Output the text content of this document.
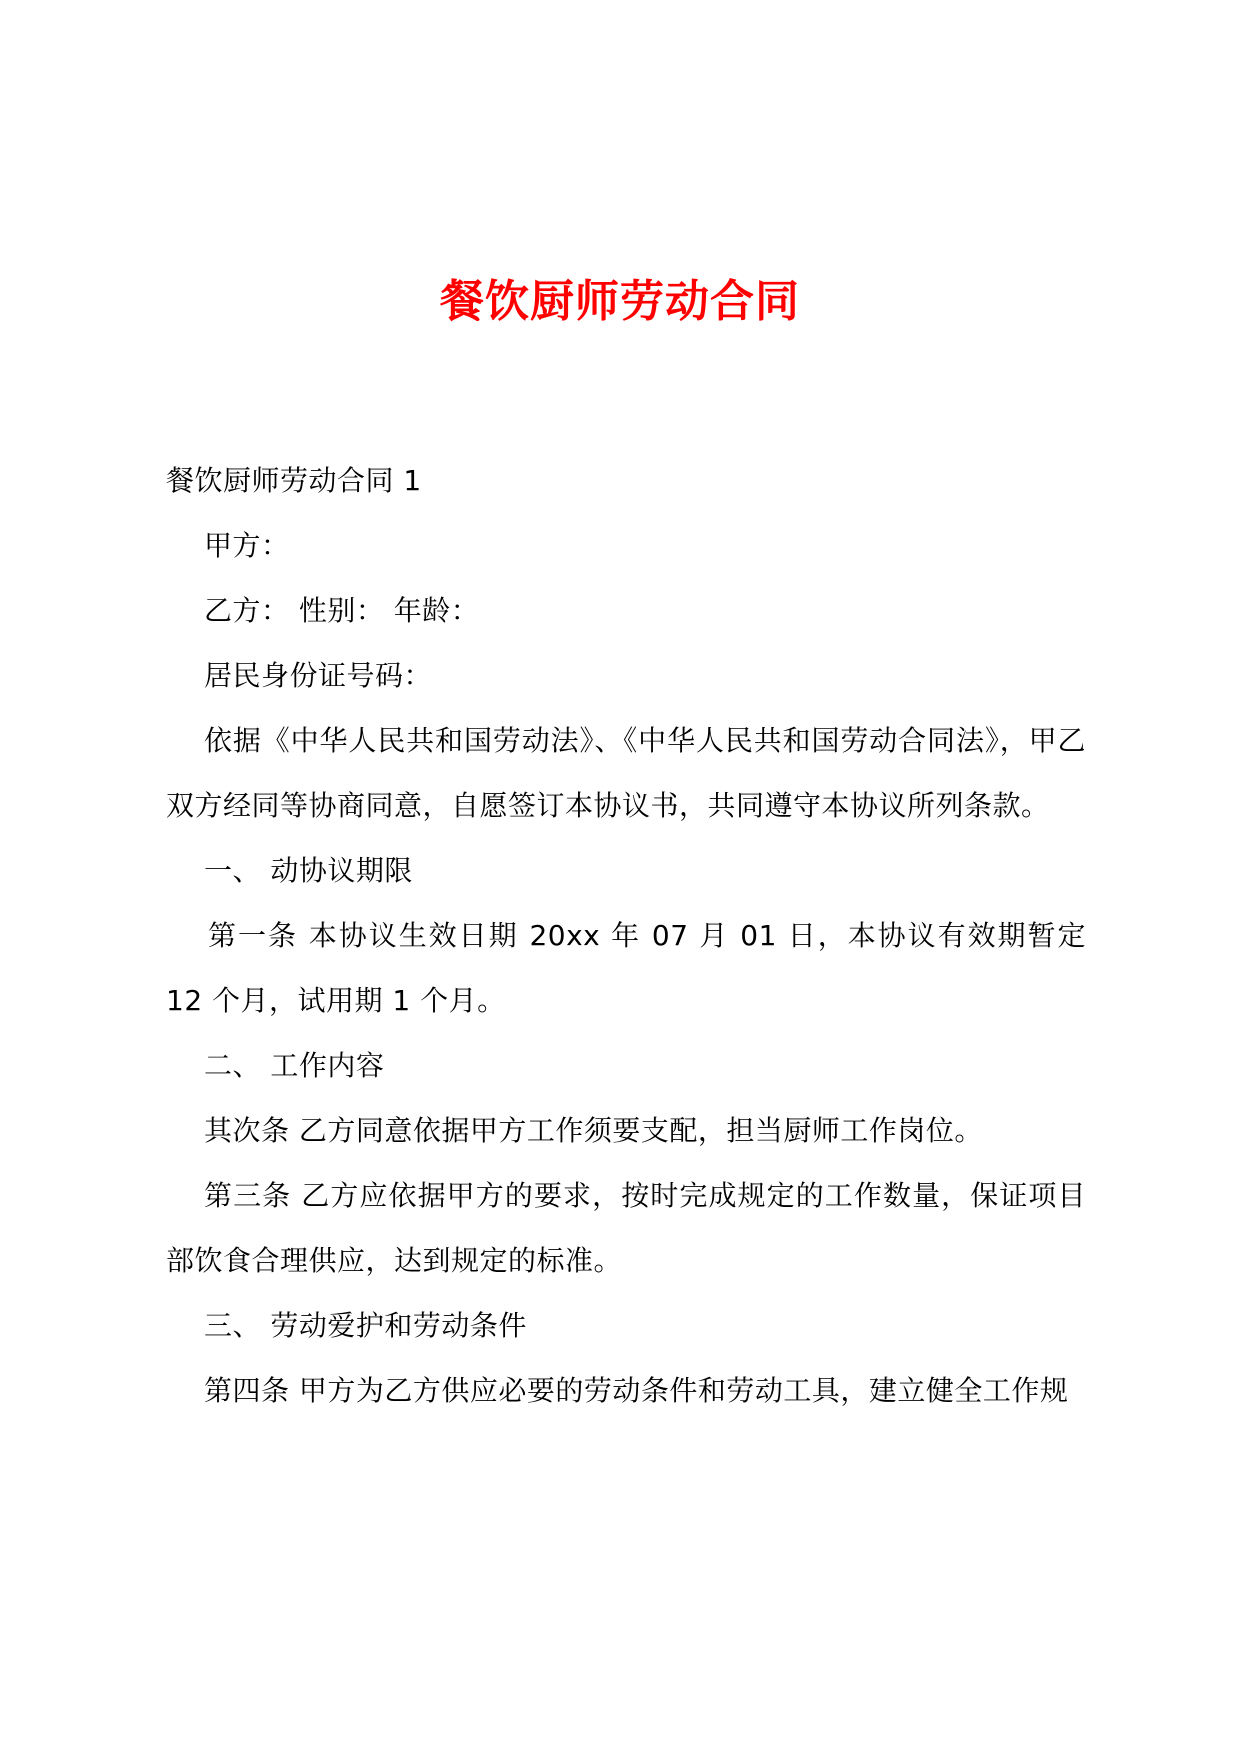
餐饮厨师劳动合同

餐饮厨师劳动合同 1

甲方：

乙方： 性别： 年龄：

居民身份证号码：

依据《中华人民共和国劳动法》、《中华人民共和国劳动合同法》，甲乙双方经同等协商同意，自愿签订本协议书，共同遵守本协议所列条款。

一、 动协议期限

第一条 本协议生效日期 20xx 年 07 月 01 日，本协议有效期暂定 12 个月，试用期 1 个月。

二、 工作内容

其次条 乙方同意依据甲方工作须要支配，担当厨师工作岗位。

第三条 乙方应依据甲方的要求，按时完成规定的工作数量，保证项目部饮食合理供应，达到规定的标准。

三、 劳动爱护和劳动条件

第四条 甲方为乙方供应必要的劳动条件和劳动工具，建立健全工作规
